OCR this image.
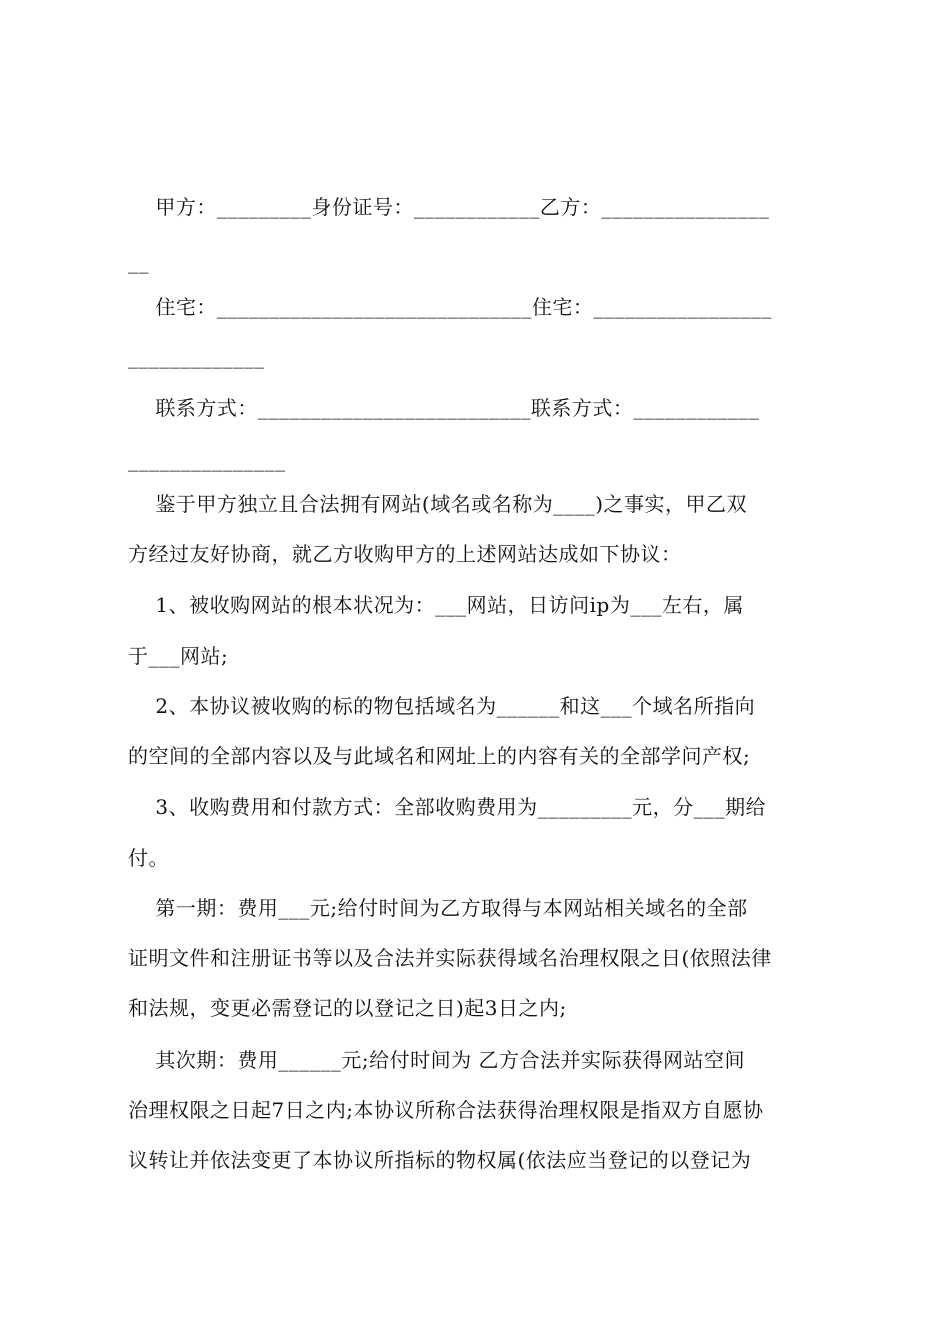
甲方：_________身份证号：____________乙方：________________
__
住宅：______________________________住宅：_________________
_____________
联系方式：__________________________联系方式：____________
_______________
鉴于甲方独立且合法拥有网站(域名或名称为____)之事实，甲乙双
方经过友好协商，就乙方收购甲方的上述网站达成如下协议：
1、被收购网站的根本状况为：___网站，日访问ip为___左右，属
于___网站;
2、本协议被收购的标的物包括域名为______和这___个域名所指向
的空间的全部内容以及与此域名和网址上的内容有关的全部学问产权;
3、收购费用和付款方式：全部收购费用为_________元，分___期给
付。
第一期：费用___元;给付时间为乙方取得与本网站相关域名的全部
证明文件和注册证书等以及合法并实际获得域名治理权限之日(依照法律
和法规，变更必需登记的以登记之日)起3日之内;
其次期：费用______元;给付时间为 乙方合法并实际获得网站空间
治理权限之日起7日之内;本协议所称合法获得治理权限是指双方自愿协
议转让并依法变更了本协议所指标的物权属(依法应当登记的以登记为
